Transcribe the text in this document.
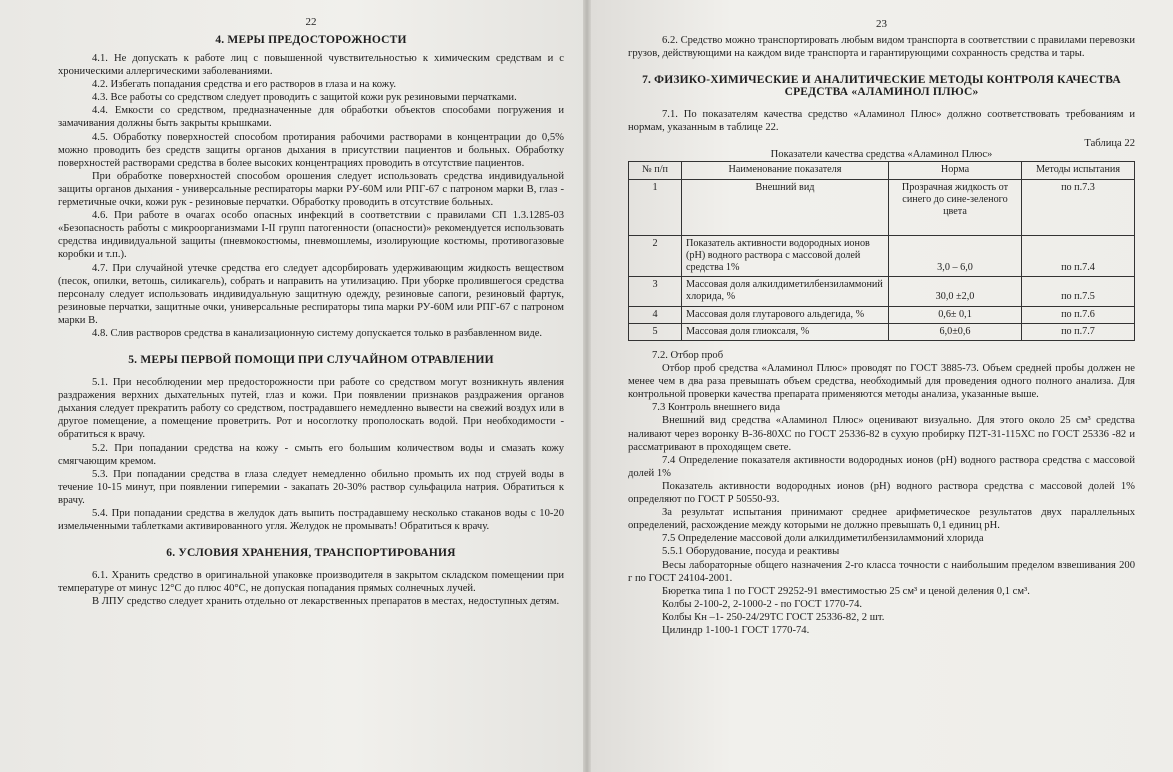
22
4. МЕРЫ ПРЕДОСТОРОЖНОСТИ

4.1. Не допускать к работе лиц с повышенной чувствительностью к химическим средствам и с хроническими аллергическими заболеваниями.

4.2. Избегать попадания средства и его растворов в глаза и на кожу.

4.3. Все работы со средством следует проводить с защитой кожи рук резиновыми перчатками.

4.4. Емкости со средством, предназначенные для обработки объектов способами погружения и замачивания должны быть закрыты крышками.

4.5. Обработку поверхностей способом протирания рабочими растворами в концентрации до 0,5% можно проводить без средств защиты органов дыхания в присутствии пациентов и больных. Обработку поверхностей растворами средства в более высоких концентрациях проводить в отсутствие пациентов.

При обработке поверхностей способом орошения следует использовать средства индивидуальной защиты органов дыхания - универсальные респираторы марки РУ-60М или РПГ-67 с патроном марки В, глаз - герметичные очки, кожи рук - резиновые перчатки. Обработку проводить в отсутствие больных.

4.6. При работе в очагах особо опасных инфекций в соответствии с правилами СП 1.3.1285-03 «Безопасность работы с микроорганизмами I-II групп патогенности (опасности)» рекомендуется использовать средства индивидуальной защиты (пневмокостюмы, пневмошлемы, изолирующие костюмы, противогазовые коробки и т.п.).

4.7. При случайной утечке средства его следует адсорбировать удерживающим жидкость веществом (песок, опилки, ветошь, силикагель), собрать и направить на утилизацию. При уборке пролившегося средства персоналу следует использовать индивидуальную защитную одежду, резиновые сапоги, резиновый фартук, резиновые перчатки, защитные очки, универсальные респираторы типа марки РУ-60М или РПГ-67 с патроном марки В.

4.8. Слив растворов средства в канализационную систему допускается только в разбавленном виде.

5. МЕРЫ ПЕРВОЙ ПОМОЩИ ПРИ СЛУЧАЙНОМ ОТРАВЛЕНИИ

5.1. При несоблюдении мер предосторожности при работе со средством могут возникнуть явления раздражения верхних дыхательных путей, глаз и кожи. При появлении признаков раздражения органов дыхания следует прекратить работу со средством, пострадавшего немедленно вывести на свежий воздух или в другое помещение, а помещение проветрить. Рот и носоглотку прополоскать водой. При необходимости - обратиться к врачу.

5.2. При попадании средства на кожу - смыть его большим количеством воды и смазать кожу смягчающим кремом.

5.3. При попадании средства в глаза следует немедленно обильно промыть их под струей воды в течение 10-15 минут, при появлении гиперемии - закапать 20-30% раствор сульфацила натрия. Обратиться к врачу.

5.4. При попадании средства в желудок дать выпить пострадавшему несколько стаканов воды с 10-20 измельченными таблетками активированного угля. Желудок не промывать! Обратиться к врачу.

6. УСЛОВИЯ ХРАНЕНИЯ, ТРАНСПОРТИРОВАНИЯ

6.1. Хранить средство в оригинальной упаковке производителя в закрытом складском помещении при температуре от минус 12°С до плюс 40°С, не допуская попадания прямых солнечных лучей.

В ЛПУ средство следует хранить отдельно от лекарственных препаратов в местах, недоступных детям.

23

6.2. Средство можно транспортировать любым видом транспорта в соответствии с правилами перевозки грузов, действующими на каждом виде транспорта и гарантирующими сохранность средства и тары.

7. ФИЗИКО-ХИМИЧЕСКИЕ И АНАЛИТИЧЕСКИЕ МЕТОДЫ КОНТРОЛЯ КАЧЕСТВА СРЕДСТВА «АЛАМИНОЛ ПЛЮС»

7.1. По показателям качества средство «Аламинол Плюс» должно соответствовать требованиям и нормам, указанным в таблице 22.

Таблица 22
Показатели качества средства «Аламинол Плюс»
№ п/п	Наименование показателя	Норма	Методы испытания
1	Внешний вид	Прозрачная жидкость от синего до сине-зеленого цвета	по п.7.3
2	Показатель активности водородных ионов (рН) водного раствора с массовой долей средства 1%	3,0 – 6,0	по п.7.4
3	Массовая доля алкилдиметилбензиламмоний хлорида, %	30,0 ±2,0	по п.7.5
4	Массовая доля глутарового альдегида, %	0,6± 0,1	по п.7.6
5	Массовая доля глиоксаля, %	6,0±0,6	по п.7.7

7.2. Отбор проб

Отбор проб средства «Аламинол Плюс» проводят по ГОСТ 3885-73. Объем средней пробы должен не менее чем в два раза превышать объем средства, необходимый для проведения одного полного анализа. Для контрольной проверки качества препарата применяются методы анализа, указанные выше.

7.3 Контроль внешнего вида

Внешний вид средства «Аламинол Плюс» оценивают визуально. Для этого около 25 см³ средства наливают через воронку В-36-80ХС по ГОСТ 25336-82 в сухую пробирку П2Т-31-115ХС по ГОСТ 25336 -82 и рассматривают в проходящем свете.

7.4 Определение показателя активности водородных ионов (рН) водного раствора средства с массовой долей 1%

Показатель активности водородных ионов (рН) водного раствора средства с массовой долей 1% определяют по ГОСТ Р 50550-93.

За результат испытания принимают среднее арифметическое результатов двух параллельных определений, расхождение между которыми не должно превышать 0,1 единиц рН.

7.5 Определение массовой доли алкилдиметилбензиламмоний хлорида

5.5.1 Оборудование, посуда и реактивы

Весы лабораторные общего назначения 2-го класса точности с наибольшим пределом взвешивания 200 г по ГОСТ 24104-2001.

Бюретка типа 1 по ГОСТ 29252-91 вместимостью 25 см³ и ценой деления 0,1 см³.

Колбы 2-100-2, 2-1000-2 - по ГОСТ 1770-74.

Колбы Кн –1- 250-24/29ТС ГОСТ 25336-82, 2 шт.

Цилиндр 1-100-1 ГОСТ 1770-74.
